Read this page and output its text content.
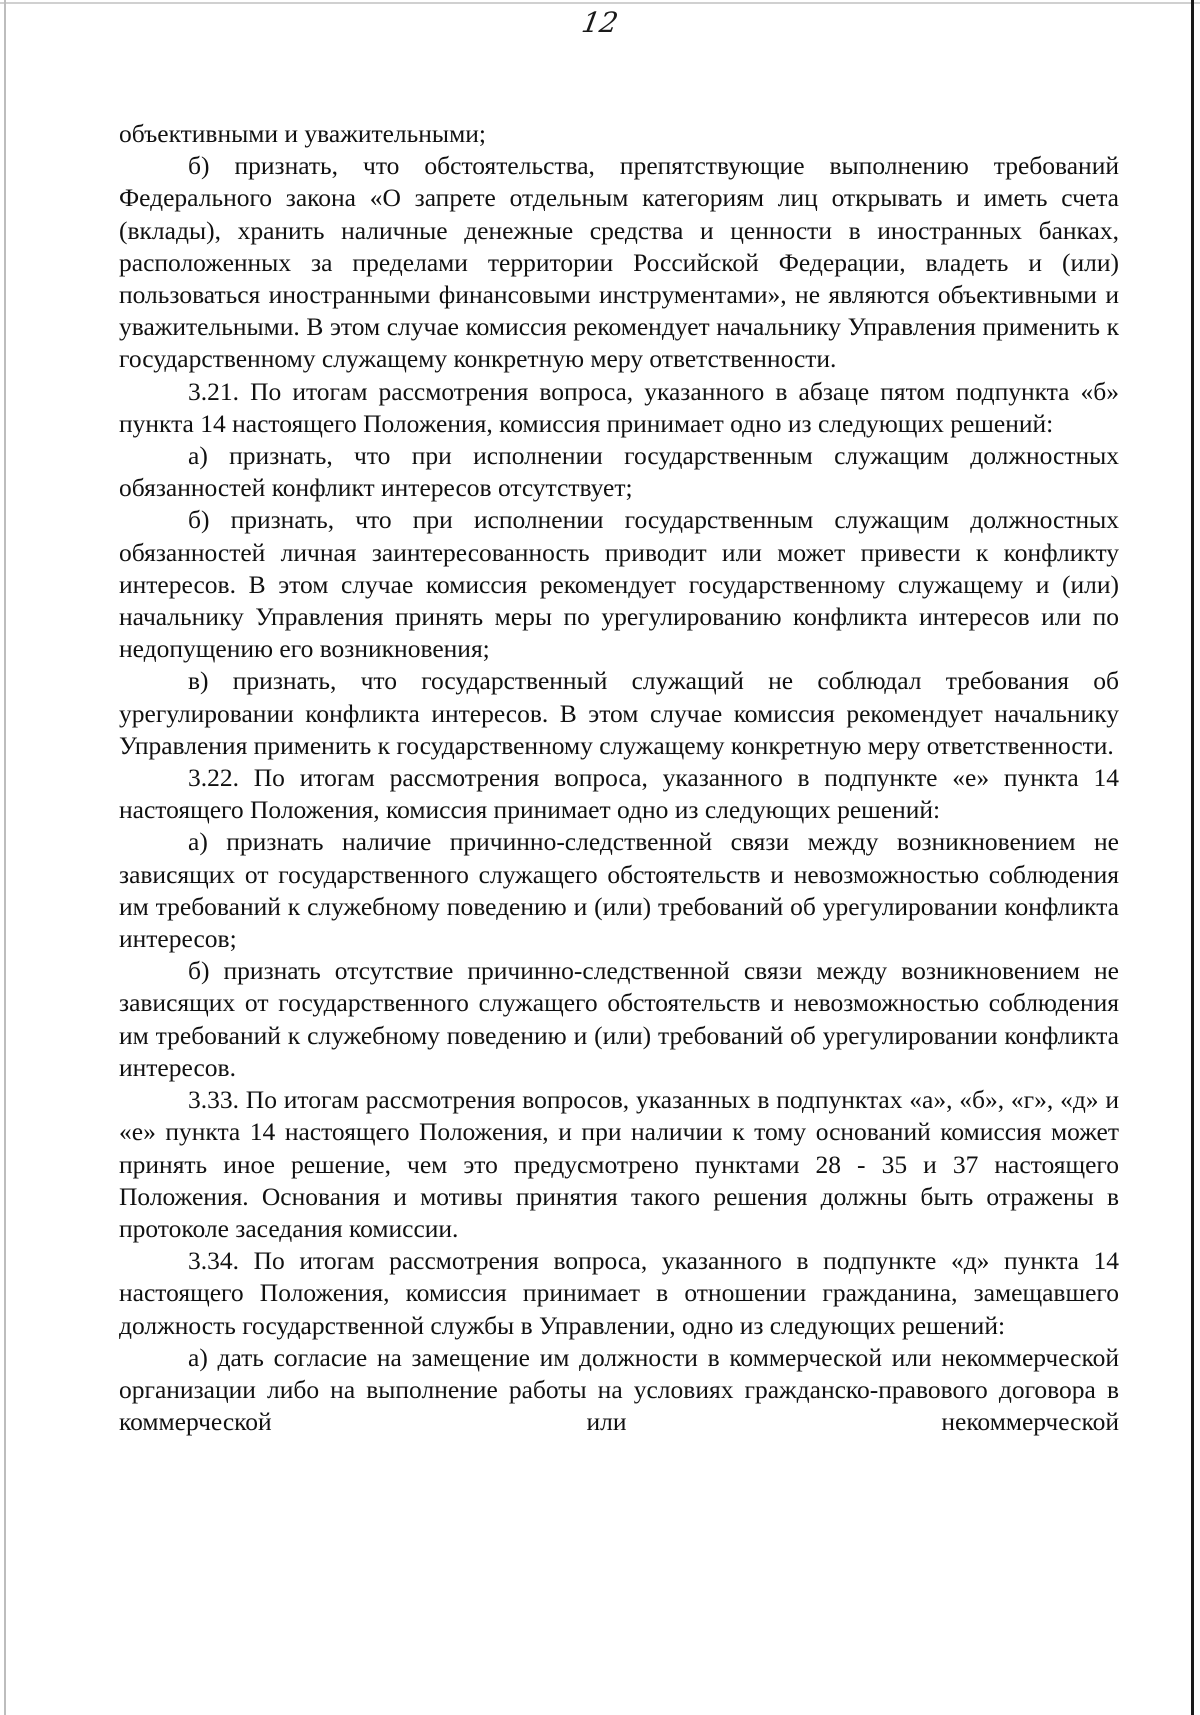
12

объективными и уважительными;

б) признать, что обстоятельства, препятствующие выполнению требований Федерального закона «О запрете отдельным категориям лиц открывать и иметь счета (вклады), хранить наличные денежные средства и ценности в иностранных банках, расположенных за пределами территории Российской Федерации, владеть и (или) пользоваться иностранными финансовыми инструментами», не являются объективными и уважительными. В этом случае комиссия рекомендует начальнику Управления применить к государственному служащему конкретную меру ответственности.

3.21. По итогам рассмотрения вопроса, указанного в абзаце пятом подпункта «б» пункта 14 настоящего Положения, комиссия принимает одно из следующих решений:

а) признать, что при исполнении государственным служащим должностных обязанностей конфликт интересов отсутствует;

б) признать, что при исполнении государственным служащим должностных обязанностей личная заинтересованность приводит или может привести к конфликту интересов. В этом случае комиссия рекомендует государственному служащему и (или) начальнику Управления принять меры по урегулированию конфликта интересов или по недопущению его возникновения;

в) признать, что государственный служащий не соблюдал требования об урегулировании конфликта интересов. В этом случае комиссия рекомендует начальнику Управления применить к государственному служащему конкретную меру ответственности.

3.22. По итогам рассмотрения вопроса, указанного в подпункте «е» пункта 14 настоящего Положения, комиссия принимает одно из следующих решений:

а) признать наличие причинно-следственной связи между возникновением не зависящих от государственного служащего обстоятельств и невозможностью соблюдения им требований к служебному поведению и (или) требований об урегулировании конфликта интересов;

б) признать отсутствие причинно-следственной связи между возникновением не зависящих от государственного служащего обстоятельств и невозможностью соблюдения им требований к служебному поведению и (или) требований об урегулировании конфликта интересов.

3.33. По итогам рассмотрения вопросов, указанных в подпунктах «а», «б», «г», «д» и «е» пункта 14 настоящего Положения, и при наличии к тому оснований комиссия может принять иное решение, чем это предусмотрено пунктами 28 - 35 и 37 настоящего Положения. Основания и мотивы принятия такого решения должны быть отражены в протоколе заседания комиссии.

3.34. По итогам рассмотрения вопроса, указанного в подпункте «д» пункта 14 настоящего Положения, комиссия принимает в отношении гражданина, замещавшего должность государственной службы в Управлении, одно из следующих решений:

а) дать согласие на замещение им должности в коммерческой или некоммерческой организации либо на выполнение работы на условиях гражданско-правового договора в коммерческой или некоммерческой
